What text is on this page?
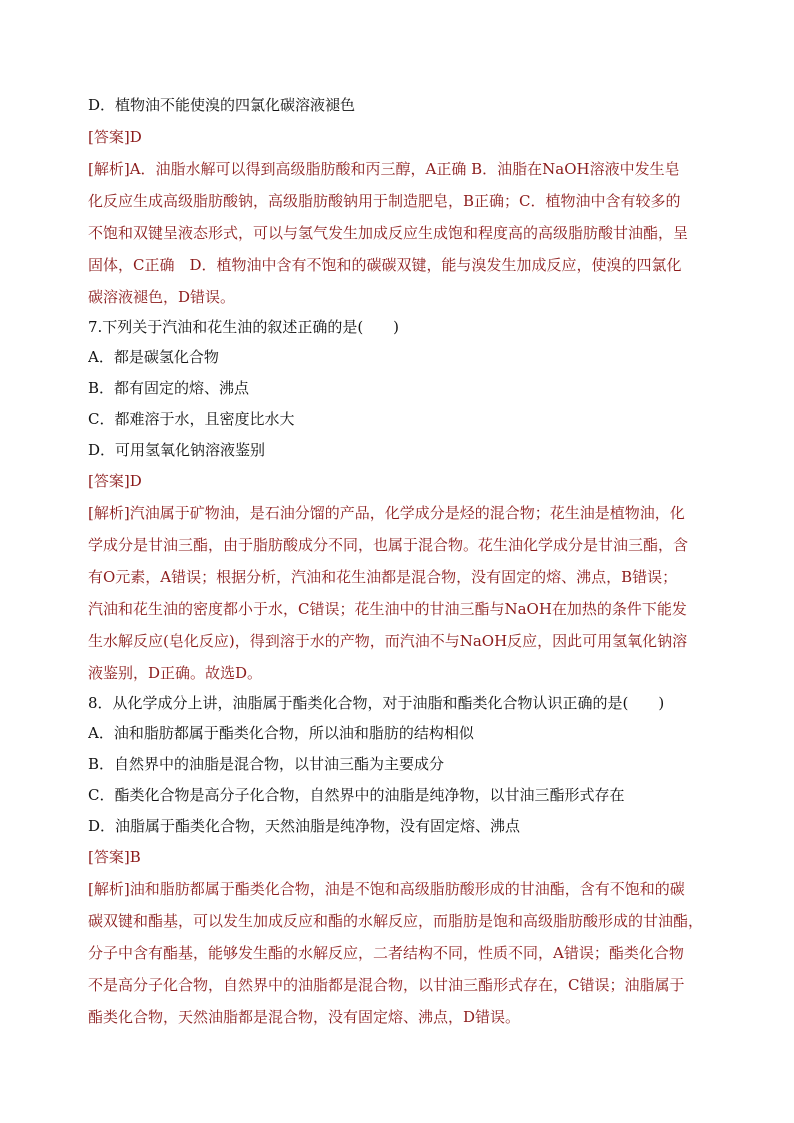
D．植物油不能使溴的四氯化碳溶液褪色
[答案]D
[解析]A．油脂水解可以得到高级脂肪酸和丙三醇，A正确 B．油脂在NaOH溶液中发生皂
化反应生成高级脂肪酸钠，高级脂肪酸钠用于制造肥皂，B正确；C．植物油中含有较多的
不饱和双键呈液态形式，可以与氢气发生加成反应生成饱和程度高的高级脂肪酸甘油酯，呈
固体，C正确　D．植物油中含有不饱和的碳碳双键，能与溴发生加成反应，使溴的四氯化
碳溶液褪色，D错误。
7.下列关于汽油和花生油的叙述正确的是(　　)
A．都是碳氢化合物
B．都有固定的熔、沸点
C．都难溶于水，且密度比水大
D．可用氢氧化钠溶液鉴别
[答案]D
[解析]汽油属于矿物油，是石油分馏的产品，化学成分是烃的混合物；花生油是植物油，化
学成分是甘油三酯，由于脂肪酸成分不同，也属于混合物。花生油化学成分是甘油三酯，含
有O元素，A错误；根据分析，汽油和花生油都是混合物，没有固定的熔、沸点，B错误；
汽油和花生油的密度都小于水，C错误；花生油中的甘油三酯与NaOH在加热的条件下能发
生水解反应(皂化反应)，得到溶于水的产物，而汽油不与NaOH反应，因此可用氢氧化钠溶
液鉴别，D正确。故选D。
8．从化学成分上讲，油脂属于酯类化合物，对于油脂和酯类化合物认识正确的是(　　)
A．油和脂肪都属于酯类化合物，所以油和脂肪的结构相似
B．自然界中的油脂是混合物，以甘油三酯为主要成分
C．酯类化合物是高分子化合物，自然界中的油脂是纯净物，以甘油三酯形式存在
D．油脂属于酯类化合物，天然油脂是纯净物，没有固定熔、沸点
[答案]B
[解析]油和脂肪都属于酯类化合物，油是不饱和高级脂肪酸形成的甘油酯，含有不饱和的碳
碳双键和酯基，可以发生加成反应和酯的水解反应，而脂肪是饱和高级脂肪酸形成的甘油酯，
分子中含有酯基，能够发生酯的水解反应，二者结构不同，性质不同，A错误；酯类化合物
不是高分子化合物，自然界中的油脂都是混合物，以甘油三酯形式存在，C错误；油脂属于
酯类化合物，天然油脂都是混合物，没有固定熔、沸点，D错误。
